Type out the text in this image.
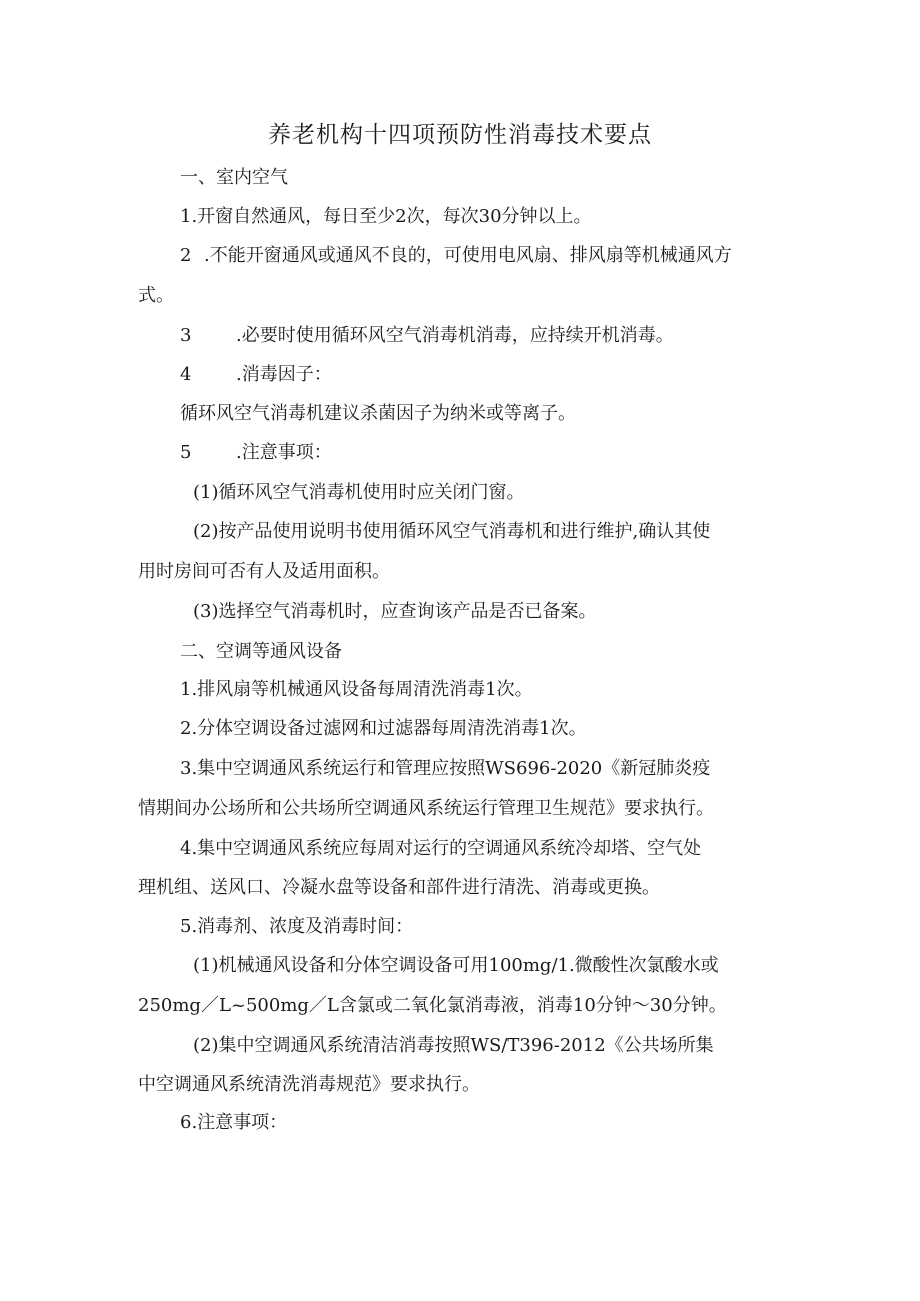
养老机构十四项预防性消毒技术要点
一、室内空气
1.开窗自然通风，每日至少2次，每次30分钟以上。
2 .不能开窗通风或通风不良的，可使用电风扇、排风扇等机械通风方
式。
3 .必要时使用循环风空气消毒机消毒，应持续开机消毒。
4 .消毒因子：
循环风空气消毒机建议杀菌因子为纳米或等离子。
5 .注意事项：
(1)循环风空气消毒机使用时应关闭门窗。
(2)按产品使用说明书使用循环风空气消毒机和进行维护,确认其使
用时房间可否有人及适用面积。
(3)选择空气消毒机时，应查询该产品是否已备案。
二、空调等通风设备
1.排风扇等机械通风设备每周清洗消毒1次。
2.分体空调设备过滤网和过滤器每周清洗消毒1次。
3.集中空调通风系统运行和管理应按照WS696-2020《新冠肺炎疫
情期间办公场所和公共场所空调通风系统运行管理卫生规范》要求执行。
4.集中空调通风系统应每周对运行的空调通风系统冷却塔、空气处
理机组、送风口、冷凝水盘等设备和部件进行清洗、消毒或更换。
5.消毒剂、浓度及消毒时间：
(1)机械通风设备和分体空调设备可用100mg/1.微酸性次氯酸水或
250mg／L~500mg／L含氯或二氧化氯消毒液，消毒10分钟～30分钟。
(2)集中空调通风系统清洁消毒按照WS/T396-2012《公共场所集
中空调通风系统清洗消毒规范》要求执行。
6.注意事项：
